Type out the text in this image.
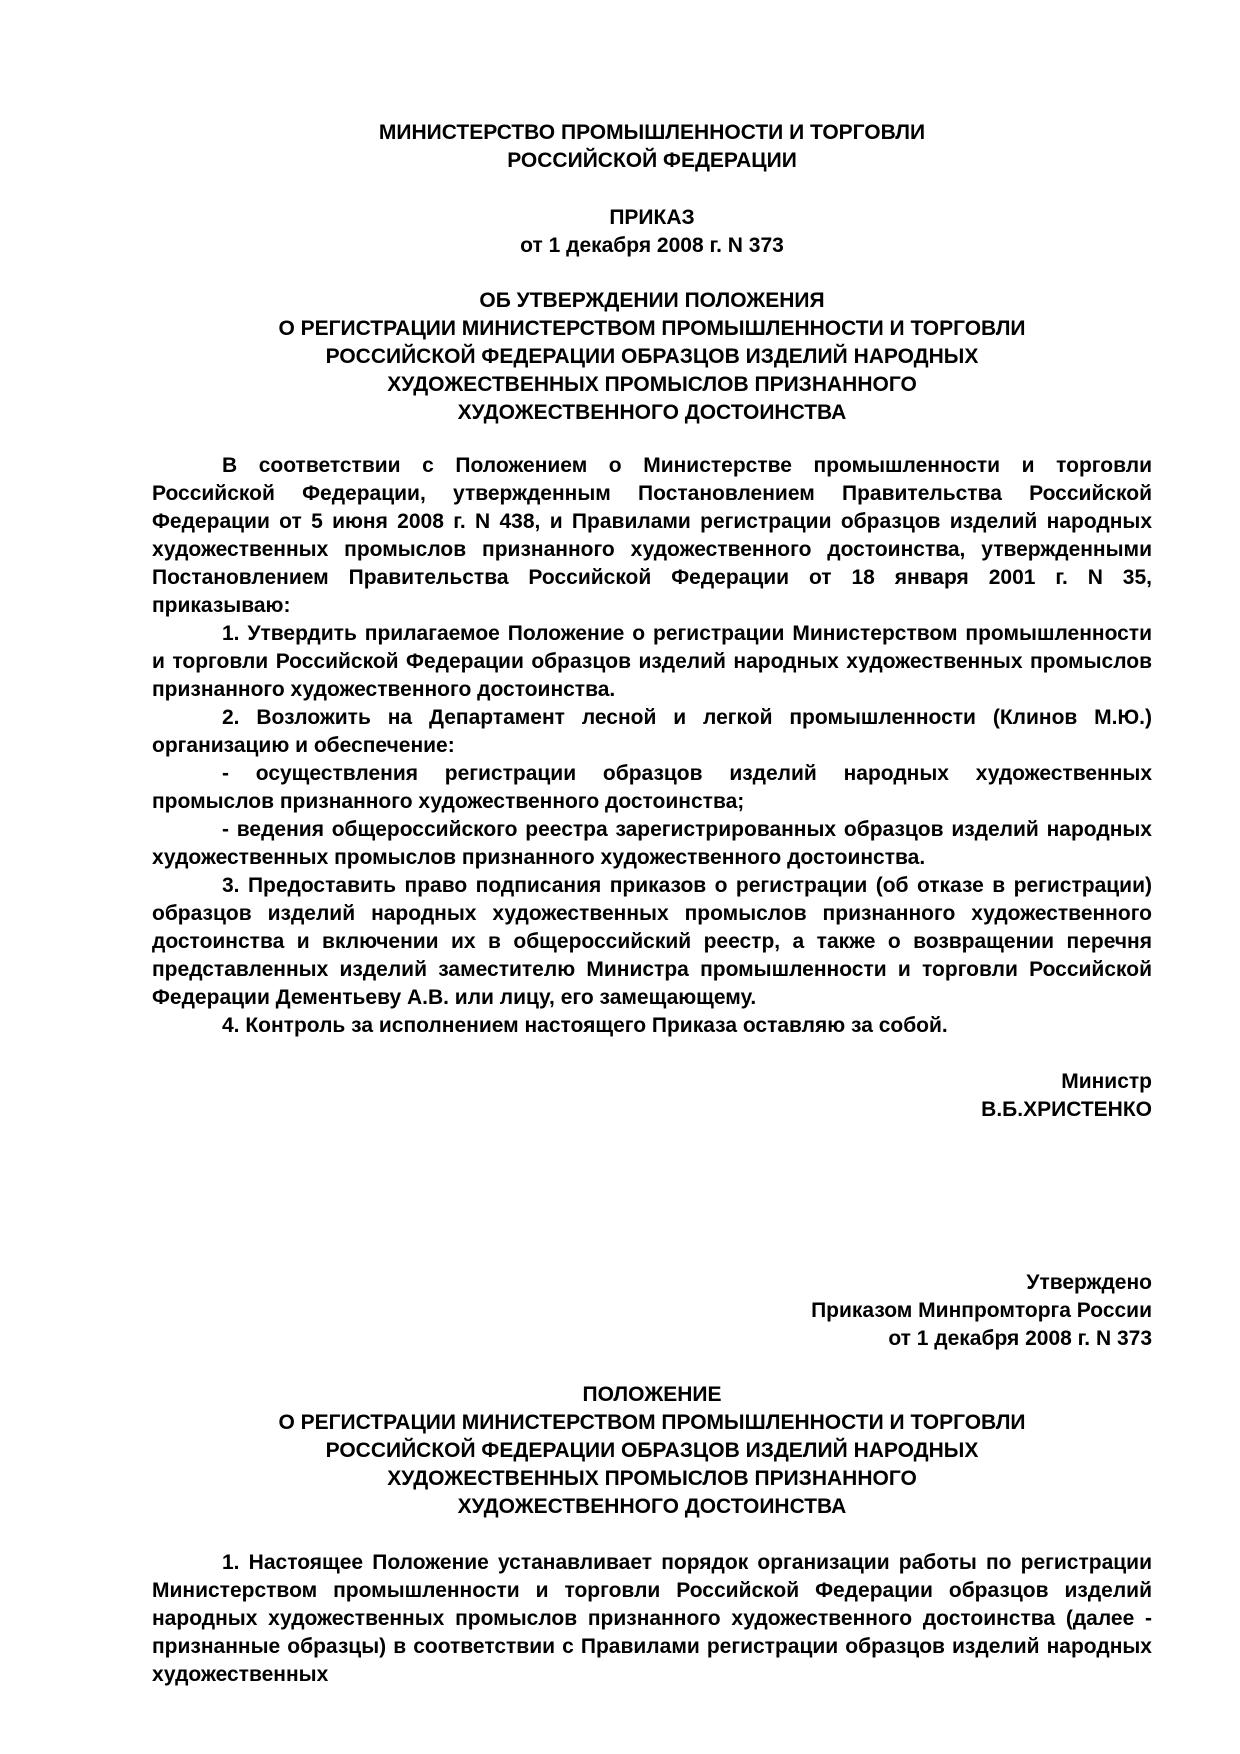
МИНИСТЕРСТВО ПРОМЫШЛЕННОСТИ И ТОРГОВЛИ

РОССИЙСКОЙ ФЕДЕРАЦИИ

ПРИКАЗ

от 1 декабря 2008 г. N 373

ОБ УТВЕРЖДЕНИИ ПОЛОЖЕНИЯ

О РЕГИСТРАЦИИ МИНИСТЕРСТВОМ ПРОМЫШЛЕННОСТИ И ТОРГОВЛИ

РОССИЙСКОЙ ФЕДЕРАЦИИ ОБРАЗЦОВ ИЗДЕЛИЙ НАРОДНЫХ

ХУДОЖЕСТВЕННЫХ ПРОМЫСЛОВ ПРИЗНАННОГО

ХУДОЖЕСТВЕННОГО ДОСТОИНСТВА

В соответствии с Положением о Министерстве промышленности и торговли Российской Федерации, утвержденным Постановлением Правительства Российской Федерации от 5 июня 2008 г. N 438, и Правилами регистрации образцов изделий народных художественных промыслов признанного художественного достоинства, утвержденными Постановлением Правительства Российской Федерации от 18 января 2001 г. N 35, приказываю:

1. Утвердить прилагаемое Положение о регистрации Министерством промышленности и торговли Российской Федерации образцов изделий народных художественных промыслов признанного художественного достоинства.

2. Возложить на Департамент лесной и легкой промышленности (Клинов М.Ю.) организацию и обеспечение:

- осуществления регистрации образцов изделий народных художественных промыслов признанного художественного достоинства;

- ведения общероссийского реестра зарегистрированных образцов изделий народных художественных промыслов признанного художественного достоинства.

3. Предоставить право подписания приказов о регистрации (об отказе в регистрации) образцов изделий народных художественных промыслов признанного художественного достоинства и включении их в общероссийский реестр, а также о возвращении перечня представленных изделий заместителю Министра промышленности и торговли Российской Федерации Дементьеву А.В. или лицу, его замещающему.

4. Контроль за исполнением настоящего Приказа оставляю за собой.

Министр

В.Б.ХРИСТЕНКО

Утверждено

Приказом Минпромторга России

от 1 декабря 2008 г. N 373

ПОЛОЖЕНИЕ

О РЕГИСТРАЦИИ МИНИСТЕРСТВОМ ПРОМЫШЛЕННОСТИ И ТОРГОВЛИ

РОССИЙСКОЙ ФЕДЕРАЦИИ ОБРАЗЦОВ ИЗДЕЛИЙ НАРОДНЫХ

ХУДОЖЕСТВЕННЫХ ПРОМЫСЛОВ ПРИЗНАННОГО

ХУДОЖЕСТВЕННОГО ДОСТОИНСТВА

1. Настоящее Положение устанавливает порядок организации работы по регистрации Министерством промышленности и торговли Российской Федерации образцов изделий народных художественных промыслов признанного художественного достоинства (далее - признанные образцы) в соответствии с Правилами регистрации образцов изделий народных художественных
